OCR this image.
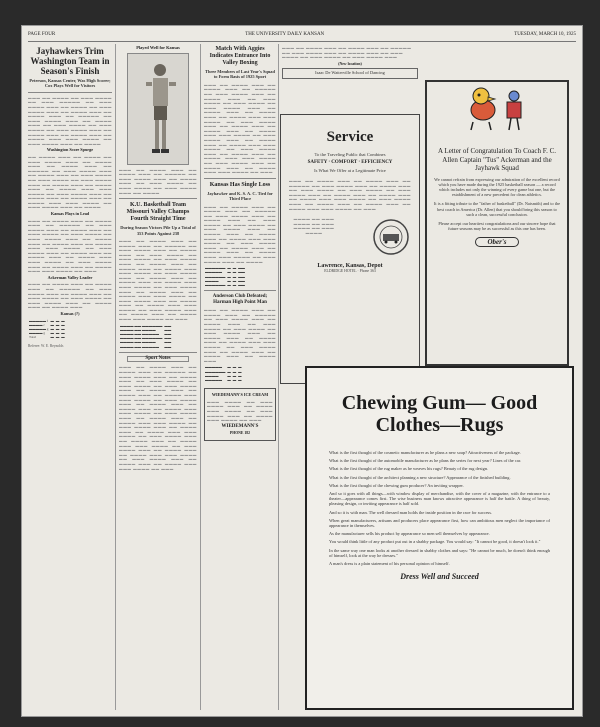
PAGE FOUR	THE UNIVERSITY DAILY KANSAN	TUESDAY, MARCH 10, 1925
Jayhawkers Trim Washington Team in Season's Finish
Peterson, Kansas Center, Was High Scorer; Cox Plays Well for Visitors

▬▬▬ ▬▬ ▬▬▬▬ ▬▬ ▬▬▬ ▬▬▬▬ ▬▬ ▬▬▬ ▬▬▬▬▬ ▬▬ ▬▬▬ ▬▬▬▬ ▬▬▬ ▬▬ ▬▬▬▬ ▬▬ ▬▬▬ ▬▬▬▬ ▬▬▬ ▬▬ ▬▬▬▬ ▬▬▬ ▬▬ ▬▬▬▬ ▬▬▬ ▬▬ ▬▬▬▬▬ ▬▬ ▬▬▬ ▬▬▬▬ ▬▬▬ ▬▬ ▬▬▬▬ ▬▬▬ ▬▬ ▬▬▬ ▬▬▬▬ ▬▬ ▬▬▬ ▬▬▬▬ ▬▬ ▬▬▬ ▬▬▬▬ ▬▬▬ ▬▬ ▬▬▬▬ ▬▬▬ ▬▬ ▬▬▬▬ ▬▬▬ ▬▬ ▬▬▬▬ ▬▬▬ ▬▬▬ ▬▬▬▬ ▬▬ ▬▬▬ ▬▬▬▬ ▬▬▬ ▬▬ ▬▬▬▬

Washington Score Spurge

▬▬ ▬▬▬▬ ▬▬▬ ▬▬ ▬▬▬▬ ▬▬ ▬▬▬ ▬▬▬▬ ▬▬▬ ▬▬ ▬▬▬▬ ▬▬▬ ▬▬ ▬▬▬▬ ▬▬▬ ▬▬ ▬▬▬▬▬ ▬▬ ▬▬▬ ▬▬▬▬ ▬▬▬ ▬▬ ▬▬▬▬ ▬▬▬ ▬▬ ▬▬▬ ▬▬▬▬ ▬▬ ▬▬▬ ▬▬▬▬ ▬▬ ▬▬▬ ▬▬▬▬ ▬▬▬ ▬▬ ▬▬▬▬ ▬▬▬ ▬▬ ▬▬▬▬ ▬▬▬ ▬▬ ▬▬▬▬ ▬▬▬ ▬▬▬ ▬▬▬▬ ▬▬ ▬▬▬ ▬▬▬▬ ▬▬▬ ▬▬ ▬▬▬▬ ▬▬▬ ▬▬ ▬▬▬▬ ▬▬▬ ▬▬ ▬▬▬▬ ▬▬▬ ▬▬▬ ▬▬▬▬ ▬▬ ▬▬▬ ▬▬▬▬ ▬▬▬ ▬▬ ▬▬▬▬

Kansas Plays in Lead

▬▬▬ ▬▬ ▬▬▬▬ ▬▬▬ ▬▬ ▬▬▬▬ ▬▬▬ ▬▬ ▬▬▬▬▬ ▬▬ ▬▬▬ ▬▬▬▬ ▬▬▬ ▬▬ ▬▬▬▬ ▬▬▬ ▬▬ ▬▬▬ ▬▬▬▬ ▬▬ ▬▬▬ ▬▬▬▬ ▬▬ ▬▬▬ ▬▬▬▬ ▬▬▬ ▬▬ ▬▬▬▬ ▬▬▬ ▬▬ ▬▬▬▬ ▬▬▬ ▬▬ ▬▬▬▬ ▬▬▬ ▬▬▬ ▬▬▬▬ ▬▬ ▬▬▬ ▬▬▬▬ ▬▬▬ ▬▬ ▬▬▬▬ ▬▬▬ ▬▬ ▬▬▬▬ ▬▬▬ ▬▬ ▬▬▬▬ ▬▬▬ ▬▬▬ ▬▬▬▬ ▬▬ ▬▬▬ ▬▬▬▬ ▬▬▬ ▬▬ ▬▬▬▬ ▬▬▬ ▬▬ ▬▬▬▬ ▬▬▬ ▬▬▬ ▬▬▬▬ ▬▬ ▬▬▬

Ackerman Valley Leader

▬▬▬ ▬▬ ▬▬▬▬ ▬▬▬ ▬▬ ▬▬▬▬ ▬▬▬ ▬▬ ▬▬▬▬▬ ▬▬ ▬▬▬ ▬▬▬▬ ▬▬▬ ▬▬ ▬▬▬▬ ▬▬▬ ▬▬ ▬▬▬ ▬▬▬▬ ▬▬ ▬▬▬ ▬▬▬▬ ▬▬ ▬▬▬ ▬▬▬▬ ▬▬▬ ▬▬ ▬▬▬▬ ▬▬▬ ▬▬ ▬▬▬▬ ▬▬▬

Kansas (?)
▬▬▬▬▬ f	▬	▬	▬
▬▬▬▬ c	▬	▬	▬
▬▬▬▬▬ g	▬	▬	▬
▬▬▬▬ g	▬	▬	▬
Total	▬	▬	▬

Referee: W. E. Reynolds

Played Well for Kansas

▬▬▬ ▬▬ ▬▬▬▬ ▬▬▬ ▬▬ ▬▬▬▬ ▬▬▬ ▬▬ ▬▬▬▬▬ ▬▬ ▬▬▬ ▬▬▬▬ ▬▬▬ ▬▬ ▬▬▬▬ ▬▬▬ ▬▬ ▬▬▬ ▬▬▬▬ ▬▬ ▬▬▬ ▬▬▬▬ ▬▬ ▬▬▬ ▬▬▬▬ ▬▬▬ ▬▬ ▬▬▬▬

K.U. Basketball Team Missouri Valley Champs Fourth Straight Time
During Season Victors Pile Up a Total of 353 Points Against 238

▬▬▬ ▬▬ ▬▬▬▬ ▬▬▬ ▬▬ ▬▬▬▬ ▬▬▬ ▬▬ ▬▬▬▬▬ ▬▬ ▬▬▬ ▬▬▬▬ ▬▬▬ ▬▬ ▬▬▬▬ ▬▬▬ ▬▬ ▬▬▬ ▬▬▬▬ ▬▬ ▬▬▬ ▬▬▬▬ ▬▬ ▬▬▬ ▬▬▬▬ ▬▬▬ ▬▬ ▬▬▬▬ ▬▬▬ ▬▬ ▬▬▬▬ ▬▬▬ ▬▬ ▬▬▬▬ ▬▬▬ ▬▬▬ ▬▬▬▬ ▬▬ ▬▬▬ ▬▬▬▬ ▬▬▬ ▬▬ ▬▬▬▬ ▬▬▬ ▬▬ ▬▬▬▬ ▬▬▬ ▬▬ ▬▬▬▬ ▬▬▬ ▬▬▬ ▬▬▬▬ ▬▬ ▬▬▬ ▬▬▬▬ ▬▬▬ ▬▬ ▬▬▬▬ ▬▬▬ ▬▬ ▬▬▬▬ ▬▬▬ ▬▬▬ ▬▬▬▬ ▬▬ ▬▬▬ ▬▬▬▬ ▬▬▬ ▬▬ ▬▬▬▬ ▬▬▬ ▬▬ ▬▬▬▬ ▬▬▬ ▬▬▬ ▬▬▬▬ ▬▬ ▬▬▬ ▬▬▬▬ ▬▬▬ ▬▬ ▬▬▬▬ ▬▬▬ ▬▬ ▬▬▬▬ ▬▬▬ ▬▬▬ ▬▬▬▬ ▬▬ ▬▬▬

▬▬▬▬ ▬▬ ▬▬▬▬▬▬	▬▬
▬▬▬▬ ▬▬ ▬▬▬▬	▬▬
▬▬▬▬ ▬▬ ▬▬▬▬▬	▬▬
▬▬▬▬ ▬▬ ▬▬▬▬▬▬	▬▬
▬▬▬▬ ▬▬ ▬▬▬▬	▬▬
▬▬▬▬ ▬▬ ▬▬▬▬▬	▬▬
Sport Notes

▬▬▬ ▬▬ ▬▬▬▬ ▬▬▬ ▬▬ ▬▬▬▬ ▬▬▬ ▬▬ ▬▬▬▬▬ ▬▬ ▬▬▬ ▬▬▬▬ ▬▬▬ ▬▬ ▬▬▬▬ ▬▬▬ ▬▬ ▬▬▬ ▬▬▬▬ ▬▬ ▬▬▬ ▬▬▬▬ ▬▬ ▬▬▬ ▬▬▬▬ ▬▬▬ ▬▬ ▬▬▬▬ ▬▬▬ ▬▬ ▬▬▬▬ ▬▬▬ ▬▬ ▬▬▬▬ ▬▬▬ ▬▬▬ ▬▬▬▬ ▬▬ ▬▬▬ ▬▬▬▬ ▬▬▬ ▬▬ ▬▬▬▬ ▬▬▬ ▬▬ ▬▬▬▬ ▬▬▬ ▬▬ ▬▬▬▬ ▬▬▬ ▬▬▬ ▬▬▬▬ ▬▬ ▬▬▬ ▬▬▬▬ ▬▬▬ ▬▬ ▬▬▬▬ ▬▬▬ ▬▬ ▬▬▬▬ ▬▬▬ ▬▬▬ ▬▬▬▬ ▬▬ ▬▬▬ ▬▬▬▬ ▬▬▬ ▬▬ ▬▬▬▬ ▬▬▬ ▬▬ ▬▬▬▬ ▬▬▬ ▬▬▬ ▬▬▬▬ ▬▬ ▬▬▬ ▬▬▬▬ ▬▬▬ ▬▬ ▬▬▬▬ ▬▬▬ ▬▬ ▬▬▬▬ ▬▬▬ ▬▬▬ ▬▬▬▬ ▬▬ ▬▬▬ ▬▬▬▬ ▬▬▬ ▬▬ ▬▬▬▬ ▬▬▬ ▬▬ ▬▬▬▬ ▬▬▬ ▬▬▬ ▬▬▬▬ ▬▬ ▬▬▬ ▬▬▬▬ ▬▬▬ ▬▬ ▬▬▬▬ ▬▬▬ ▬▬ ▬▬▬▬ ▬▬▬ ▬▬▬ ▬▬▬▬ ▬▬ ▬▬▬

Match With Aggies Indicates Entrance Into Valley Boxing
Three Members of Last Year's Squad to Form Basis of 1925 Sport

▬▬▬ ▬▬ ▬▬▬▬ ▬▬▬ ▬▬ ▬▬▬▬ ▬▬▬ ▬▬ ▬▬▬▬▬ ▬▬ ▬▬▬ ▬▬▬▬ ▬▬▬ ▬▬ ▬▬▬▬ ▬▬▬ ▬▬ ▬▬▬ ▬▬▬▬ ▬▬ ▬▬▬ ▬▬▬▬ ▬▬ ▬▬▬ ▬▬▬▬ ▬▬▬ ▬▬ ▬▬▬▬ ▬▬▬ ▬▬ ▬▬▬▬ ▬▬▬ ▬▬ ▬▬▬▬ ▬▬▬ ▬▬▬ ▬▬▬▬ ▬▬ ▬▬▬ ▬▬▬▬ ▬▬▬ ▬▬ ▬▬▬▬ ▬▬▬ ▬▬ ▬▬▬▬ ▬▬▬ ▬▬ ▬▬▬▬ ▬▬▬ ▬▬▬ ▬▬▬▬ ▬▬ ▬▬▬ ▬▬▬▬ ▬▬▬ ▬▬ ▬▬▬▬ ▬▬▬ ▬▬ ▬▬▬▬ ▬▬▬ ▬▬▬ ▬▬▬▬ ▬▬ ▬▬▬ ▬▬▬▬ ▬▬▬ ▬▬ ▬▬▬▬ ▬▬▬ ▬▬ ▬▬▬▬ ▬▬▬ ▬▬▬ ▬▬▬▬ ▬▬ ▬▬▬ ▬▬▬▬ ▬▬▬ ▬▬ ▬▬▬▬ ▬▬▬ ▬▬ ▬▬▬▬ ▬▬▬ ▬▬▬ ▬▬▬▬ ▬▬ ▬▬▬

Kansas Has Single Loss
Jayhawker and K. S. A. C. Tied for Third Place

▬▬▬ ▬▬ ▬▬▬▬ ▬▬▬ ▬▬ ▬▬▬▬ ▬▬▬ ▬▬ ▬▬▬▬▬ ▬▬ ▬▬▬ ▬▬▬▬ ▬▬▬ ▬▬ ▬▬▬▬ ▬▬▬ ▬▬ ▬▬▬ ▬▬▬▬ ▬▬ ▬▬▬ ▬▬▬▬ ▬▬ ▬▬▬ ▬▬▬▬ ▬▬▬ ▬▬ ▬▬▬▬ ▬▬▬ ▬▬ ▬▬▬▬ ▬▬▬ ▬▬ ▬▬▬▬ ▬▬▬ ▬▬▬ ▬▬▬▬ ▬▬ ▬▬▬ ▬▬▬▬ ▬▬▬ ▬▬ ▬▬▬▬ ▬▬▬ ▬▬ ▬▬▬▬ ▬▬▬ ▬▬ ▬▬▬▬ ▬▬▬ ▬▬▬ ▬▬▬▬ ▬▬ ▬▬▬ ▬▬▬▬ ▬▬▬ ▬▬ ▬▬▬▬

▬▬▬▬▬▬	▬	▬	▬▬
▬▬▬▬▬	▬	▬	▬▬
▬▬▬▬▬▬	▬	▬	▬▬
▬▬▬▬	▬	▬	▬▬
▬▬▬▬▬▬	▬	▬	▬▬
Anderson Club Defeated; Harman High Point Man

▬▬▬ ▬▬ ▬▬▬▬ ▬▬▬ ▬▬ ▬▬▬▬ ▬▬▬ ▬▬ ▬▬▬▬▬ ▬▬ ▬▬▬ ▬▬▬▬ ▬▬▬ ▬▬ ▬▬▬▬ ▬▬▬ ▬▬ ▬▬▬ ▬▬▬▬ ▬▬ ▬▬▬ ▬▬▬▬ ▬▬ ▬▬▬ ▬▬▬▬ ▬▬▬ ▬▬ ▬▬▬▬ ▬▬▬ ▬▬ ▬▬▬▬ ▬▬▬ ▬▬ ▬▬▬▬ ▬▬▬ ▬▬▬ ▬▬▬▬ ▬▬ ▬▬▬ ▬▬▬▬ ▬▬▬ ▬▬ ▬▬▬▬ ▬▬▬ ▬▬ ▬▬▬▬ ▬▬▬ ▬▬ ▬▬▬▬ ▬▬▬

▬▬▬▬▬	▬	▬	▬
▬▬▬▬▬▬	▬	▬	▬
▬▬▬▬	▬	▬	▬
▬▬▬▬▬	▬	▬	▬
WIEDEMANN'S ICE CREAM

▬▬▬ ▬▬▬▬ ▬▬ ▬▬▬ ▬▬▬▬ ▬▬▬ ▬▬ ▬▬▬▬ ▬▬▬ ▬▬▬▬ ▬▬ ▬▬▬ ▬▬▬▬ ▬▬▬ ▬▬ ▬▬▬▬ ▬▬▬ ▬▬▬▬ ▬▬ ▬▬▬

WIEDEMANN'S
PHONE 182

▬▬▬ ▬▬ ▬▬▬▬ ▬▬▬ ▬▬ ▬▬▬▬ ▬▬▬ ▬▬ ▬▬▬▬▬ ▬▬ ▬▬▬ ▬▬▬▬ ▬▬▬ ▬▬ ▬▬▬▬ ▬▬▬ ▬▬ ▬▬▬ ▬▬▬▬ ▬▬ ▬▬▬ ▬▬▬▬ ▬▬ ▬▬▬ ▬▬▬▬ ▬▬▬

(New location)
Isaac De Watterville School of Dancing
Service
To the Traveling Public that Combines
SAFETY · COMFORT · EFFICIENCY
Is What We Offer at a Legitimate Price

▬▬▬ ▬▬ ▬▬▬▬ ▬▬▬ ▬▬ ▬▬▬▬ ▬▬▬ ▬▬ ▬▬▬▬▬ ▬▬ ▬▬▬ ▬▬▬▬ ▬▬▬ ▬▬ ▬▬▬▬ ▬▬▬ ▬▬ ▬▬▬ ▬▬▬▬ ▬▬ ▬▬▬ ▬▬▬▬ ▬▬ ▬▬▬ ▬▬▬▬ ▬▬▬ ▬▬ ▬▬▬▬ ▬▬▬ ▬▬ ▬▬▬▬ ▬▬▬ ▬▬ ▬▬▬▬ ▬▬▬ ▬▬▬ ▬▬▬▬ ▬▬ ▬▬▬ ▬▬▬▬ ▬▬▬ ▬▬ ▬▬▬▬ ▬▬▬ ▬▬ ▬▬▬▬ ▬▬▬ ▬▬ ▬▬▬▬ ▬▬▬ ▬▬▬ ▬▬▬▬ ▬▬ ▬▬▬

▬▬▬▬ ▬▬ ▬▬▬ ▬▬▬▬ ▬▬ ▬▬▬ ▬▬▬▬ ▬▬ ▬▬▬ ▬▬▬▬
Lawrence, Kansas, Depot
ELDRIDGE HOTEL · Phone 363
A Letter of Congratulation To Coach F. C. Allen Captain "Tus" Ackerman and the Jayhawk Squad
We cannot refrain from expressing our admiration of the excellent record which you have made during the 1925 basketball season — a record which includes not only the winning of every game but one, but the establishment of a new precedent for clean athletics.
It is a fitting tribute to the "father of basketball" (Dr. Naismith) and to the best coach in America (Dr. Allen) that you should bring this season to such a clean, successful conclusion.
Please accept our heartiest congratulations and our sincere hope that future seasons may be as successful as this one has been.
Ober's
Chewing Gum— Good Clothes—Rugs

What is the first thought of the cosmetic manufacturer as he plans a new soap? Attractiveness of the package.

What is the first thought of the automobile manufacturer as he plans the series for next year? Lines of the car.

What is the first thought of the rug maker as he weaves his rugs? Beauty of the rug design.

What is the first thought of the architect planning a new structure? Appearance of the finished building.

What is the first thought of the chewing gum producer? An inviting wrapper.

And so it goes with all things—with window display of merchandise, with the cover of a magazine, with the entrance to a theater—appearance comes first. The wise business man knows attractive appearance is half the battle. A thing of beauty, pleasing design, or inviting appearance is half sold.

And so it is with man. The well dressed man holds the inside position in the race for success.

When great manufacturers, artisans and producers place appearance first, how can ambitious men neglect the importance of appearance in themselves.

As the manufacturer sells his product by appearance so men sell themselves by appearance.

You would think little of any product put out in a shabby package. You would say: "It cannot be good, it doesn't look it."

In the same way one man looks at another dressed in shabby clothes and says: "He cannot be much, he doesn't think enough of himself, look at the way he dresses."

A man's dress is a plain statement of his personal opinion of himself.

Dress Well and Succeed
